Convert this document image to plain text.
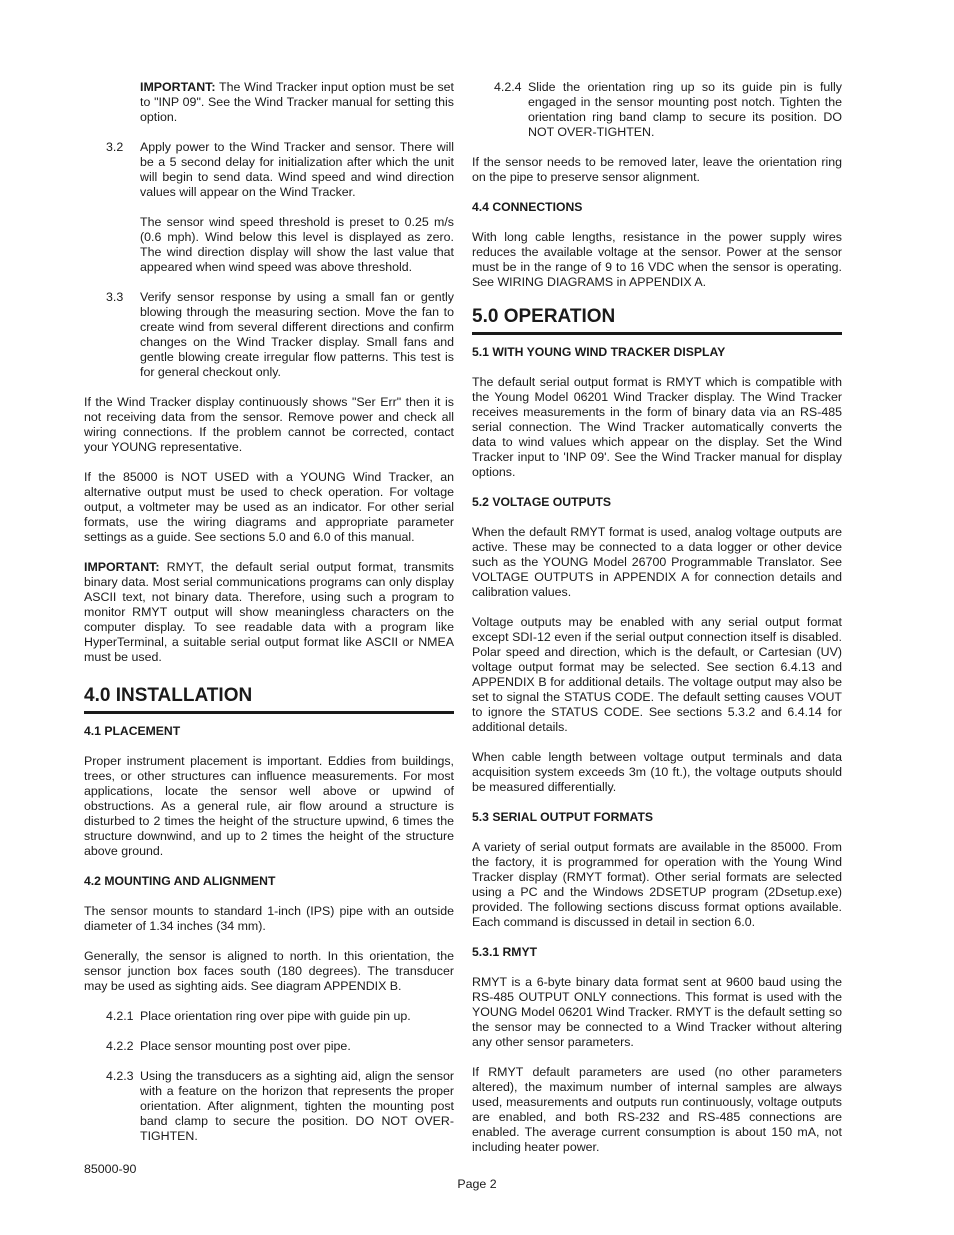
IMPORTANT: The Wind Tracker input option must be set to "INP 09". See the Wind Tracker manual for setting this option.

3.2 Apply power to the Wind Tracker and sensor. There will be a 5 second delay for initialization after which the unit will begin to send data. Wind speed and wind direction values will appear on the Wind Tracker.

The sensor wind speed threshold is preset to 0.25 m/s (0.6 mph). Wind below this level is displayed as zero. The wind direction display will show the last value that appeared when wind speed was above threshold.

3.3 Verify sensor response by using a small fan or gently blowing through the measuring section. Move the fan to create wind from several different directions and confirm changes on the Wind Tracker display. Small fans and gentle blowing create irregular flow patterns. This test is for general checkout only.

If the Wind Tracker display continuously shows "Ser Err" then it is not receiving data from the sensor. Remove power and check all wiring connections. If the problem cannot be corrected, contact your YOUNG representative.

If the 85000 is NOT USED with a YOUNG Wind Tracker, an alternative output must be used to check operation. For voltage output, a voltmeter may be used as an indicator. For other serial formats, use the wiring diagrams and appropriate parameter settings as a guide. See sections 5.0 and 6.0 of this manual.

IMPORTANT: RMYT, the default serial output format, transmits binary data. Most serial communications programs can only display ASCII text, not binary data. Therefore, using such a program to monitor RMYT output will show meaningless characters on the computer display. To see readable data with a program like HyperTerminal, a suitable serial output format like ASCII or NMEA must be used.

4.0 INSTALLATION
4.1 PLACEMENT

Proper instrument placement is important. Eddies from buildings, trees, or other structures can influence measurements. For most applications, locate the sensor well above or upwind of obstructions. As a general rule, air flow around a structure is disturbed to 2 times the height of the structure upwind, 6 times the structure downwind, and up to 2 times the height of the structure above ground.

4.2 MOUNTING AND ALIGNMENT

The sensor mounts to standard 1-inch (IPS) pipe with an outside diameter of 1.34 inches (34 mm).

Generally, the sensor is aligned to north. In this orientation, the sensor junction box faces south (180 degrees). The transducer may be used as sighting aids. See diagram APPENDIX B.

4.2.1 Place orientation ring over pipe with guide pin up.

4.2.2 Place sensor mounting post over pipe.

4.2.3 Using the transducers as a sighting aid, align the sensor with a feature on the horizon that represents the proper orientation. After alignment, tighten the mounting post band clamp to secure the position. DO NOT OVER-TIGHTEN.

4.2.4 Slide the orientation ring up so its guide pin is fully engaged in the sensor mounting post notch. Tighten the orientation ring band clamp to secure its position. DO NOT OVER-TIGHTEN.

If the sensor needs to be removed later, leave the orientation ring on the pipe to preserve sensor alignment.

4.4 CONNECTIONS

With long cable lengths, resistance in the power supply wires reduces the available voltage at the sensor. Power at the sensor must be in the range of 9 to 16 VDC when the sensor is operating. See WIRING DIAGRAMS in APPENDIX A.

5.0 OPERATION
5.1 WITH YOUNG WIND TRACKER DISPLAY

The default serial output format is RMYT which is compatible with the Young Model 06201 Wind Tracker display. The Wind Tracker receives measurements in the form of binary data via an RS-485 serial connection. The Wind Tracker automatically converts the data to wind values which appear on the display. Set the Wind Tracker input to 'INP 09'. See the Wind Tracker manual for display options.

5.2 VOLTAGE OUTPUTS

When the default RMYT format is used, analog voltage outputs are active. These may be connected to a data logger or other device such as the YOUNG Model 26700 Programmable Translator. See VOLTAGE OUTPUTS in APPENDIX A for connection details and calibration values.

Voltage outputs may be enabled with any serial output format except SDI-12 even if the serial output connection itself is disabled. Polar speed and direction, which is the default, or Cartesian (UV) voltage output format may be selected. See section 6.4.13 and APPENDIX B for additional details. The voltage output may also be set to signal the STATUS CODE. The default setting causes VOUT to ignore the STATUS CODE. See sections 5.3.2 and 6.4.14 for additional details.

When cable length between voltage output terminals and data acquisition system exceeds 3m (10 ft.), the voltage outputs should be measured differentially.

5.3 SERIAL OUTPUT FORMATS

A variety of serial output formats are available in the 85000. From the factory, it is programmed for operation with the Young Wind Tracker display (RMYT format). Other serial formats are selected using a PC and the Windows 2DSETUP program (2Dsetup.exe) provided. The following sections discuss format options available. Each command is discussed in detail in section 6.0.

5.3.1 RMYT

RMYT is a 6-byte binary data format sent at 9600 baud using the RS-485 OUTPUT ONLY connections. This format is used with the YOUNG Model 06201 Wind Tracker. RMYT is the default setting so the sensor may be connected to a Wind Tracker without altering any other sensor parameters.

If RMYT default parameters are used (no other parameters altered), the maximum number of internal samples are always used, measurements and outputs run continuously, voltage outputs are enabled, and both RS-232 and RS-485 connections are enabled. The average current consumption is about 150 mA, not including heater power.

85000-90
Page 2
